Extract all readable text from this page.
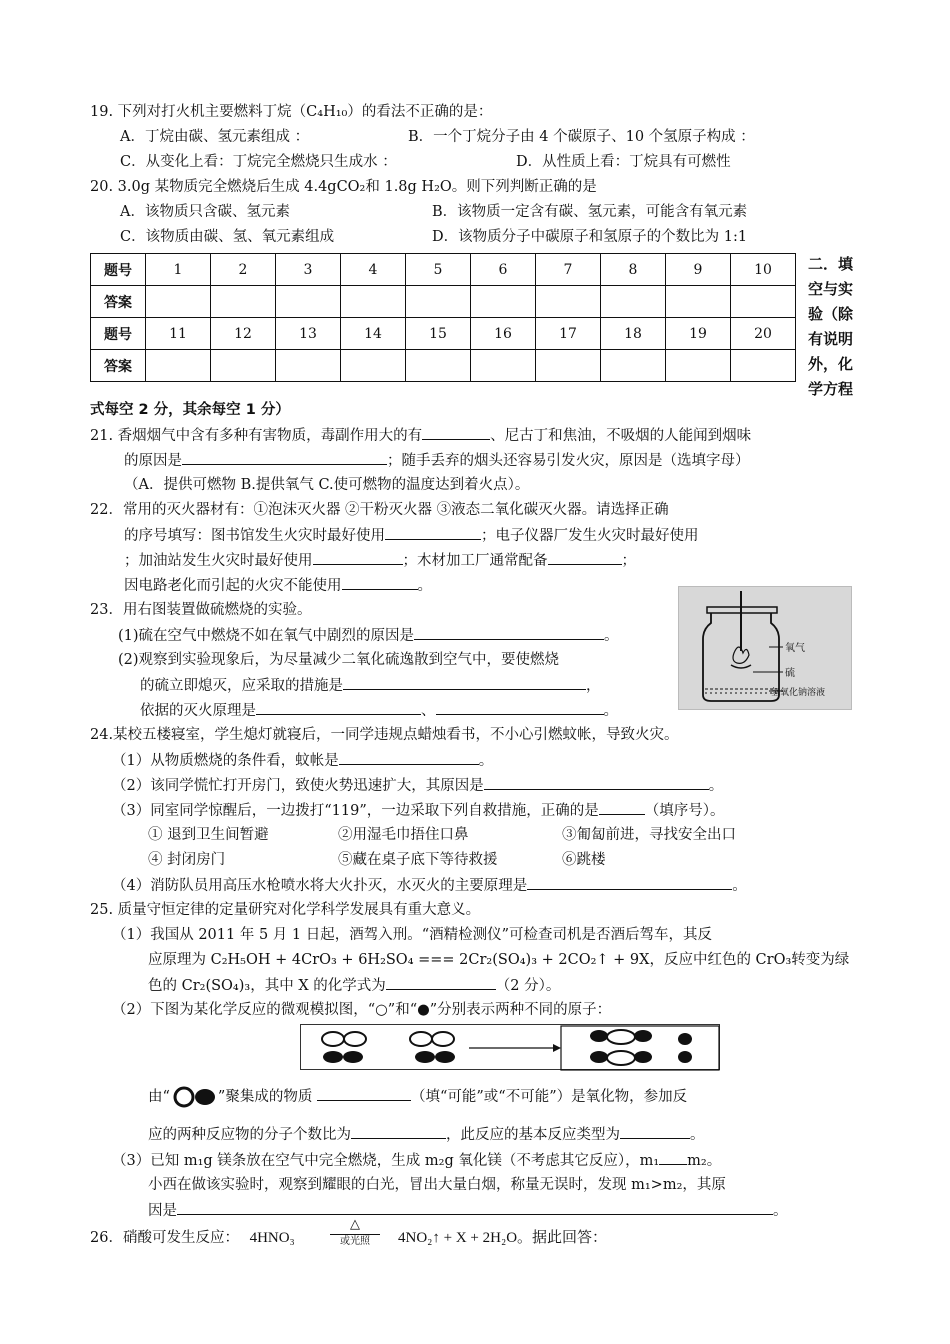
19. 下列对打火机主要燃料丁烷（C₄H₁₀）的看法不正确的是：
A．丁烷由碳、氢元素组成 ：	B．一个丁烷分子由 4 个碳原子、10 个氢原子构成 ：
C．从变化上看：丁烷完全燃烧只生成水 ：	D．从性质上看：丁烷具有可燃性
20. 3.0g 某物质完全燃烧后生成 4.4gCO₂和 1.8g H₂O。则下列判断正确的是
A．该物质只含碳、氢元素	B．该物质一定含有碳、氢元素，可能含有氧元素
C．该物质由碳、氢、氧元素组成	D．该物质分子中碳原子和氢原子的个数比为 1:1
题号	1	2	3	4	5	6	7	8	9	10
答案										
题号	11	12	13	14	15	16	17	18	19	20
答案										
二．填空与实验（除有说明外，化学方程
式每空 2 分，其余每空 1 分）
21. 香烟烟气中含有多种有害物质，毒副作用大的有	、尼古丁和焦油，不吸烟的人能闻到烟味
的原因是	；随手丢弃的烟头还容易引发火灾，原因是（选填字母）
（A．提供可燃物 B.提供氧气 C.使可燃物的温度达到着火点）。
22．常用的灭火器材有：①泡沫灭火器 ②干粉灭火器 ③液态二氧化碳灭火器。请选择正确
的序号填写：图书馆发生火灾时最好使用	；电子仪器厂发生火灾时最好使用
；加油站发生火灾时最好使用	；木材加工厂通常配备	；
因电路老化而引起的火灾不能使用	。
23．用右图装置做硫燃烧的实验。
(1)硫在空气中燃烧不如在氧气中剧烈的原因是	。
(2)观察到实验现象后，为尽量减少二氧化硫逸散到空气中，要使燃烧
的硫立即熄灭，应采取的措施是	，
依据的灭火原理是	、	。
氧气
硫
氢氧化钠溶液
24.某校五楼寝室，学生熄灯就寝后，一同学违规点蜡烛看书，不小心引燃蚊帐，导致火灾。
（1）从物质燃烧的条件看，蚊帐是	。
（2）该同学慌忙打开房门，致使火势迅速扩大，其原因是	。
（3）同室同学惊醒后，一边拨打“119”，一边采取下列自救措施，正确的是	（填序号）。
① 退到卫生间暂避	②用湿毛巾捂住口鼻	③匍匐前进，寻找安全出口
④ 封闭房门	⑤藏在桌子底下等待救援	⑥跳楼
（4）消防队员用高压水枪喷水将大火扑灭，水灭火的主要原理是	。
25. 质量守恒定律的定量研究对化学科学发展具有重大意义。
（1）我国从 2011 年 5 月 1 日起，酒驾入刑。“酒精检测仪”可检查司机是否酒后驾车，其反
应原理为 C₂H₅OH + 4CrO₃ + 6H₂SO₄ === 2Cr₂(SO₄)₃ + 2CO₂↑ + 9X，反应中红色的 CrO₃转变为绿
色的 Cr₂(SO₄)₃，其中 X 的化学式为	（2 分）。
（2）下图为某化学反应的微观模拟图，“○”和“●”分别表示两种不同的原子：
由“	”聚集成的物质	（填“可能”或“不可能”）是氧化物，参加反
应的两种反应物的分子个数比为	，此反应的基本反应类型为	。
（3）已知 m₁g 镁条放在空气中完全燃烧，生成 m₂g 氧化镁（不考虑其它反应），m₁ m₂。
小西在做该实验时，观察到耀眼的白光，冒出大量白烟，称量无误时，发现 m₁>m₂，其原
因是	。
26．硝酸可发生反应： 4HNO₃
△
或光照	4NO₂↑ + X + 2H₂O。据此回答：
